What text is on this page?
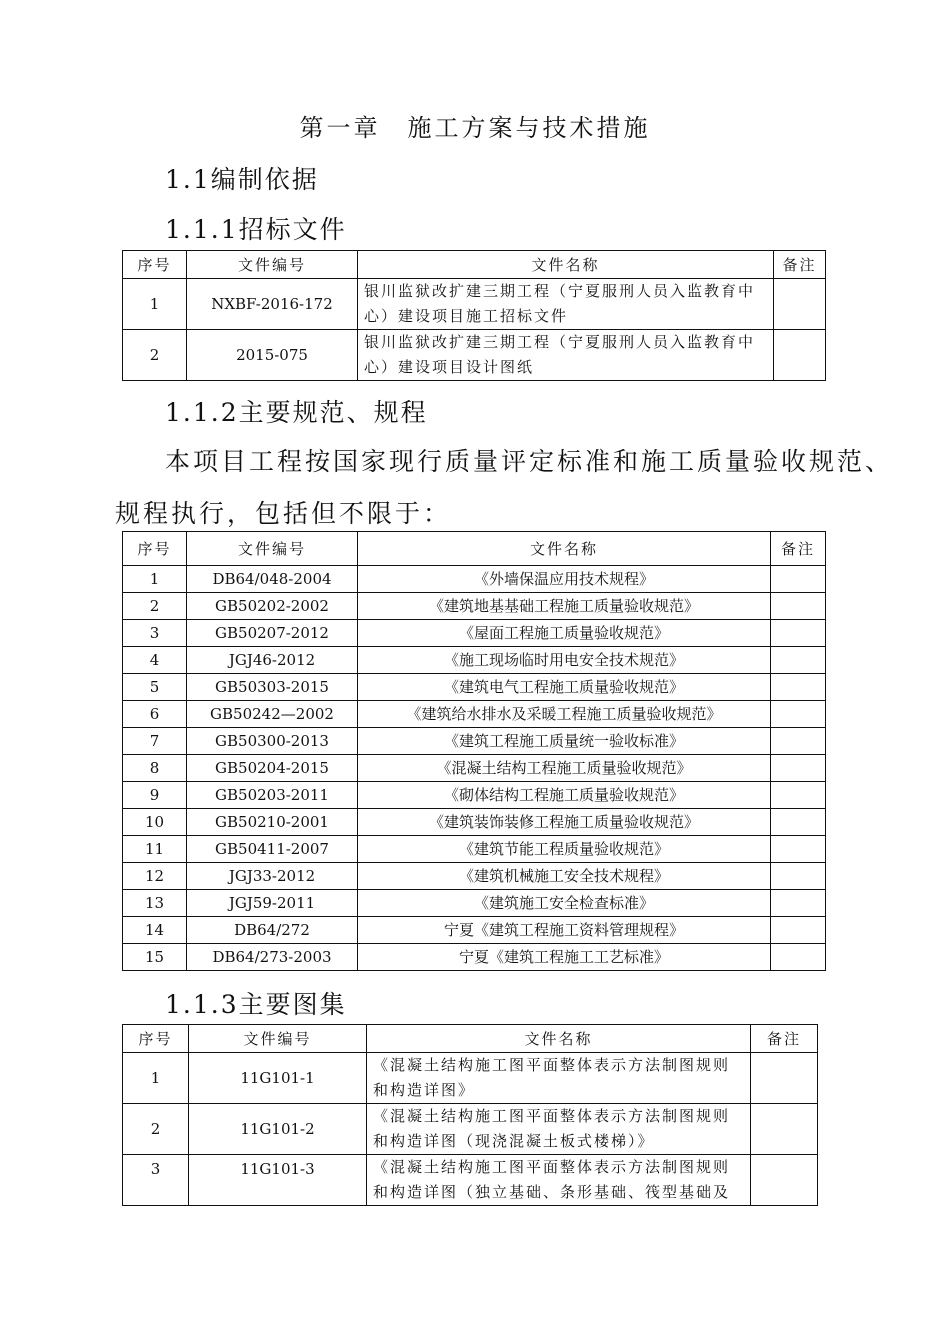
第一章　施工方案与技术措施
1.1编制依据
1.1.1招标文件
序号	文件编号	文件名称	备注
1	NXBF-2016-172	银川监狱改扩建三期工程（宁夏服刑人员入监教育中心）建设项目施工招标文件	
2	2015-075	银川监狱改扩建三期工程（宁夏服刑人员入监教育中心）建设项目设计图纸	
1.1.2主要规范、规程
本项目工程按国家现行质量评定标准和施工质量验收规范、
规程执行，包括但不限于：
序号	文件编号	文件名称	备注
1	DB64/048-2004	《外墙保温应用技术规程》	
2	GB50202-2002	《建筑地基基础工程施工质量验收规范》	
3	GB50207-2012	《屋面工程施工质量验收规范》	
4	JGJ46-2012	《施工现场临时用电安全技术规范》	
5	GB50303-2015	《建筑电气工程施工质量验收规范》	
6	GB50242—2002	《建筑给水排水及采暖工程施工质量验收规范》	
7	GB50300-2013	《建筑工程施工质量统一验收标准》	
8	GB50204-2015	《混凝土结构工程施工质量验收规范》	
9	GB50203-2011	《砌体结构工程施工质量验收规范》	
10	GB50210-2001	《建筑装饰装修工程施工质量验收规范》	
11	GB50411-2007	《建筑节能工程质量验收规范》	
12	JGJ33-2012	《建筑机械施工安全技术规程》	
13	JGJ59-2011	《建筑施工安全检查标准》	
14	DB64/272	宁夏《建筑工程施工资料管理规程》	
15	DB64/273-2003	宁夏《建筑工程施工工艺标准》	
1.1.3主要图集
序号	文件编号	文件名称	备注
1	11G101-1	《混凝土结构施工图平面整体表示方法制图规则和构造详图》	
2	11G101-2	《混凝土结构施工图平面整体表示方法制图规则和构造详图（现浇混凝土板式楼梯）》	
3	11G101-3	《混凝土结构施工图平面整体表示方法制图规则和构造详图（独立基础、条形基础、筏型基础及	
